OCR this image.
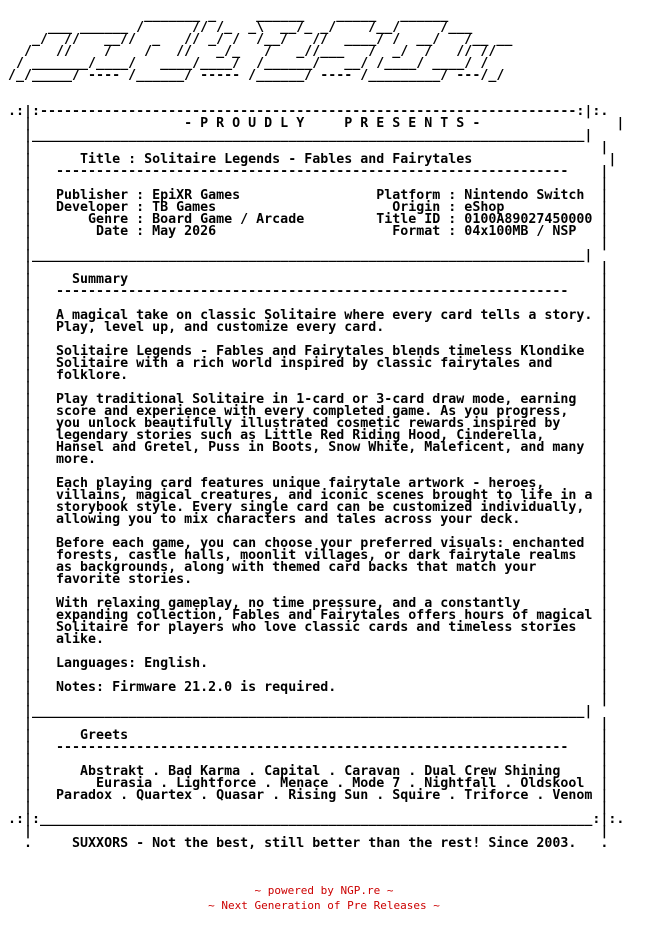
_______ _     ______    _____   ______
___ ______ /      // /_  _\  __/_ _/    /__/     /___
_/  //   __//  _   // _/ /  /__/   //  ____/ /  __/   /__ __
/   //    /    /   //   _/_   /   _//___   /  _/  /   // //
/ _______/____/   ____/____/  /______/   __/ /____/ ____/ /
/_/_____/ ---- /______/ ----- /______/ ---- /_________/ ---/_/
.:|:-------------------------------------------------------------------:|:.
|                   - P R O U D L Y     P R E S E N T S -                 |
|_____________________________________________________________________|
|                                                                       |
|      Title : Solitaire Legends - Fables and Fairytales                 |
|   ----------------------------------------------------------------    |
|                                                                       |
|   Publisher : EpiXR Games                 Platform : Nintendo Switch  |
|   Developer : TB Games                      Origin : eShop            |
|       Genre : Board Game / Arcade         Title ID : 0100A89027450000 |
|        Date : May 2026                      Format : 04x100MB / NSP   |
|                                                                       |
|_____________________________________________________________________|
|                                                                       |
|     Summary                                                           |
|   ----------------------------------------------------------------    |
|                                                                       |
|   A magical take on classic Solitaire where every card tells a story. |
|   Play, level up, and customize every card.                           |
|                                                                       |
|   Solitaire Legends - Fables and Fairytales blends timeless Klondike  |
|   Solitaire with a rich world inspired by classic fairytales and      |
|   folklore.                                                           |
|                                                                       |
|   Play traditional Solitaire in 1-card or 3-card draw mode, earning   |
|   score and experience with every completed game. As you progress,    |
|   you unlock beautifully illustrated cosmetic rewards inspired by     |
|   legendary stories such as Little Red Riding Hood, Cinderella,       |
|   Hansel and Gretel, Puss in Boots, Snow White, Maleficent, and many  |
|   more.                                                               |
|                                                                       |
|   Each playing card features unique fairytale artwork - heroes,       |
|   villains, magical creatures, and iconic scenes brought to life in a |
|   storybook style. Every single card can be customized individually,  |
|   allowing you to mix characters and tales across your deck.          |
|                                                                       |
|   Before each game, you can choose your preferred visuals: enchanted  |
|   forests, castle halls, moonlit villages, or dark fairytale realms   |
|   as backgrounds, along with themed card backs that match your        |
|   favorite stories.                                                   |
|                                                                       |
|   With relaxing gameplay, no time pressure, and a constantly          |
|   expanding collection, Fables and Fairytales offers hours of magical |
|   Solitaire for players who love classic cards and timeless stories   |
|   alike.                                                              |
|                                                                       |
|   Languages: English.                                                 |
|                                                                       |
|   Notes: Firmware 21.2.0 is required.                                 |
|                                                                       |
|_____________________________________________________________________|
|                                                                       |
|      Greets                                                           |
|   ----------------------------------------------------------------    |
|                                                                       |
|      Abstrakt . Bad Karma . Capital . Caravan . Dual Crew Shining     |
|        Eurasia . Lightforce . Menace . Mode 7 . Nightfall . Oldskool  |
|   Paradox . Quartex . Quasar . Rising Sun . Squire . Triforce . Venom |
|                                                                       |
.:|:_____________________________________________________________________:|:.
|                                                                       |
.     SUXXORS - Not the best, still better than the rest! Since 2003.   .
~ powered by NGP.re ~
~ Next Generation of Pre Releases ~
